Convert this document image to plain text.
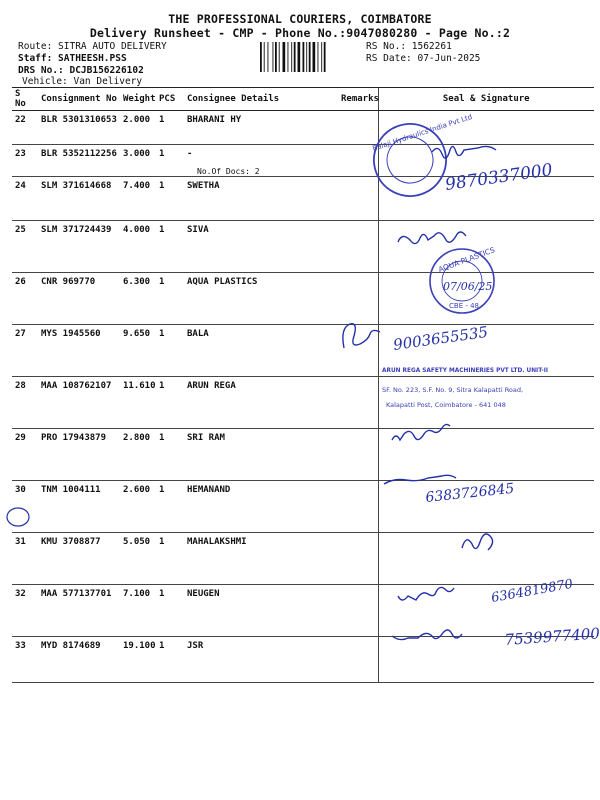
THE PROFESSIONAL COURIERS, COIMBATORE
Delivery Runsheet - CMP - Phone No.:9047080280 - Page No.:2
Route: SITRA AUTO DELIVERY
Staff: SATHEESH.PSS
DRS No.: DCJB156226102
Vehicle: Van Delivery
RS No.: 1562261
RS Date: 07-Jun-2025
S No	Consignment No	Weight	PCS	Consignee Details	Remarks	Seal & Signature
22	BLR 5301310653	2.000	1	BHARANI HY		
23	BLR 5352112256	3.000	1	-
No.Of Docs: 2		

24	SLM 371614668	7.400	1	SWETHA		
25	SLM 371724439	4.000	1	SIVA		
26	CNR 969770	6.300	1	AQUA PLASTICS		
27	MYS 1945560	9.650	1	BALA		
28	MAA 108762107	11.610	1	ARUN REGA		
29	PRO 17943879	2.800	1	SRI RAM		
30	TNM 1004111	2.600	1	HEMANAND		
31	KMU 3708877	5.050	1	MAHALAKSHMI		
32	MAA 577137701	7.100	1	NEUGEN		
33	MYD 8174689	19.100	1	JSR		
Balaji Hydraulics India Pvt Ltd
9870337000
AQUA PLASTICS
CBE - 48
07/06/25
9003655535
ARUN REGA SAFETY MACHINERIES PVT LTD. UNIT-II
SF. No. 223, S.F. No. 9, Sitra Kalapatti Road,
Kalapatti Post, Coimbatore - 641 048
6383726845
6364819870
7539977400
